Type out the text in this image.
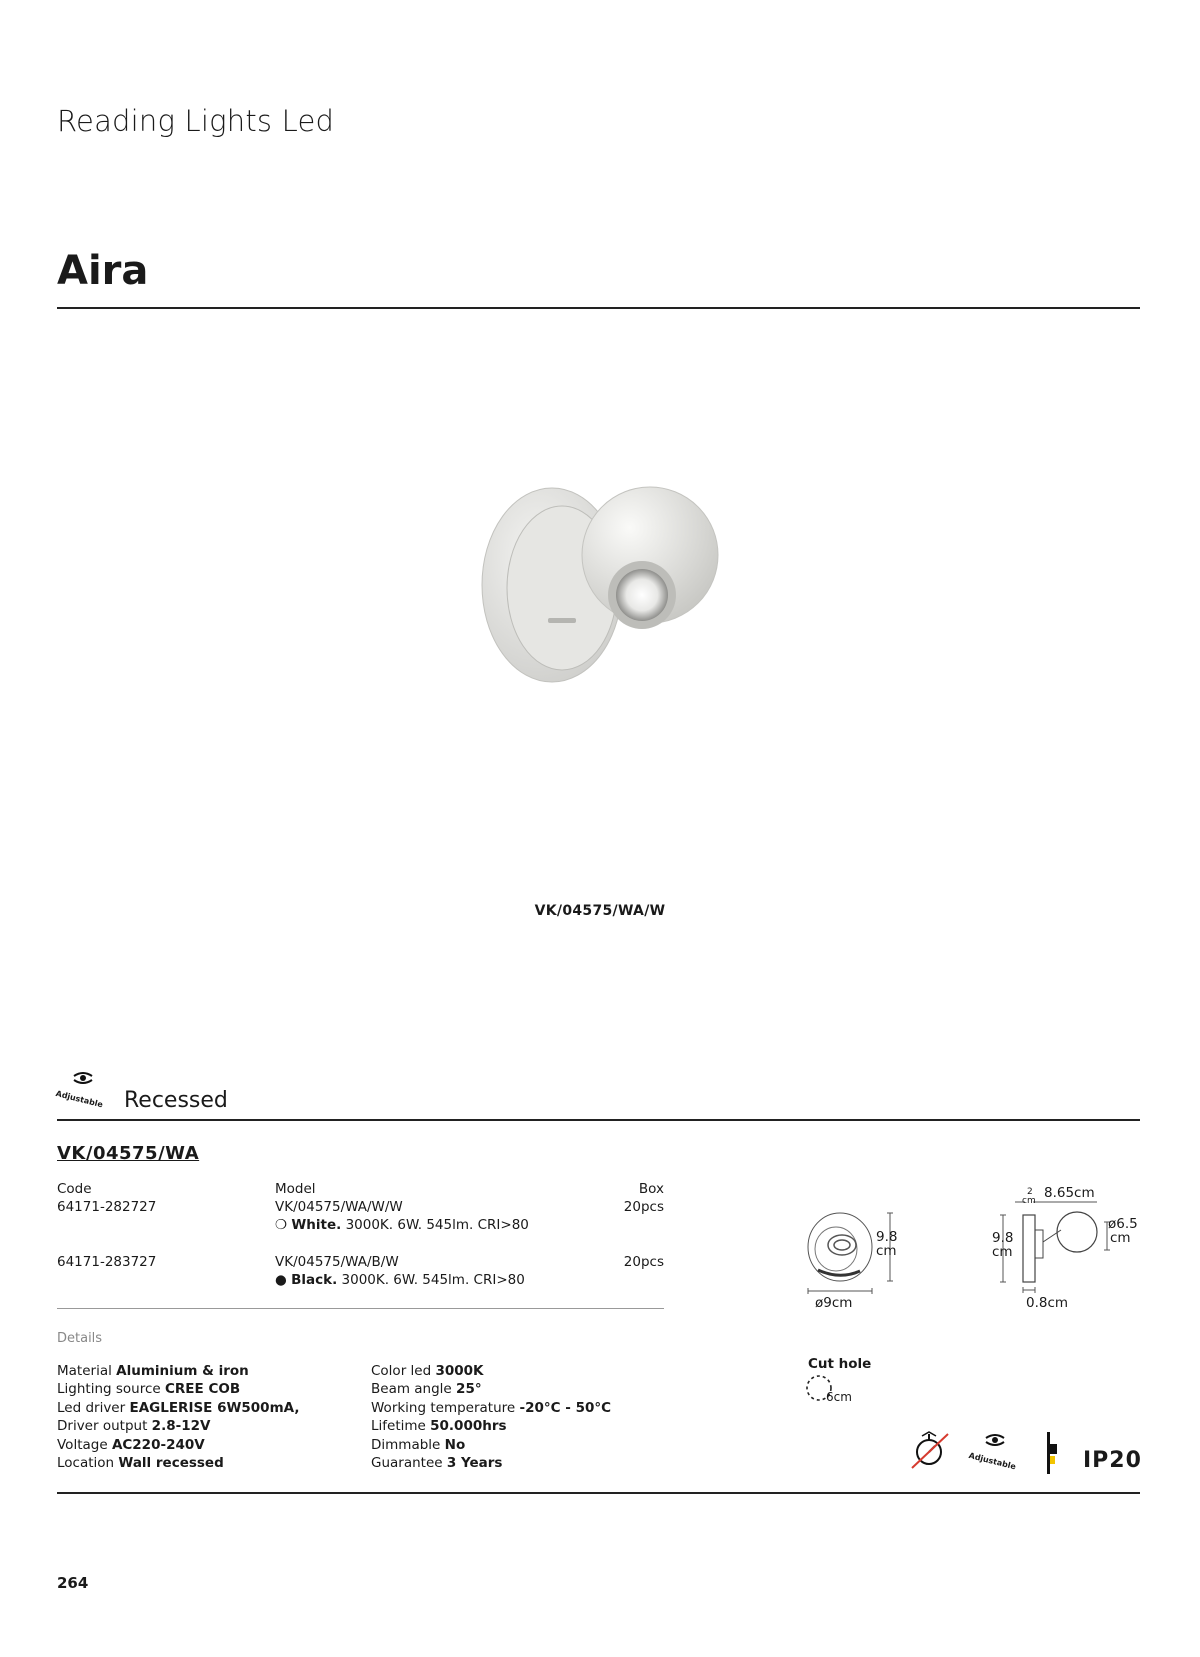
Reading Lights Led
Aira
VK/04575/WA/W
Adjustable Recessed
VK/04575/WA
Code	Model	Box
64171-282727	VK/04575/WA/W/W	20pcs
❍ White. 3000K. 6W. 545lm. CRI>80
64171-283727	VK/04575/WA/B/W	20pcs
● Black. 3000K. 6W. 545lm. CRI>80
Details
Material Aluminium & iron
Lighting source CREE COB
Led driver EAGLERISE 6W500mA,
Driver output 2.8-12V
Voltage AC220-240V
Location Wall recessed
Color led 3000K
Beam angle 25°
Working temperature -20°C - 50°C
Lifetime 50.000hrs
Dimmable No
Guarantee 3 Years
9.8
cm
ø9cm
2
cm 8.65cm
9.8
cm
ø6.5
cm
0.8cm
Cut hole
6cm
Adjustable	IP20
264
